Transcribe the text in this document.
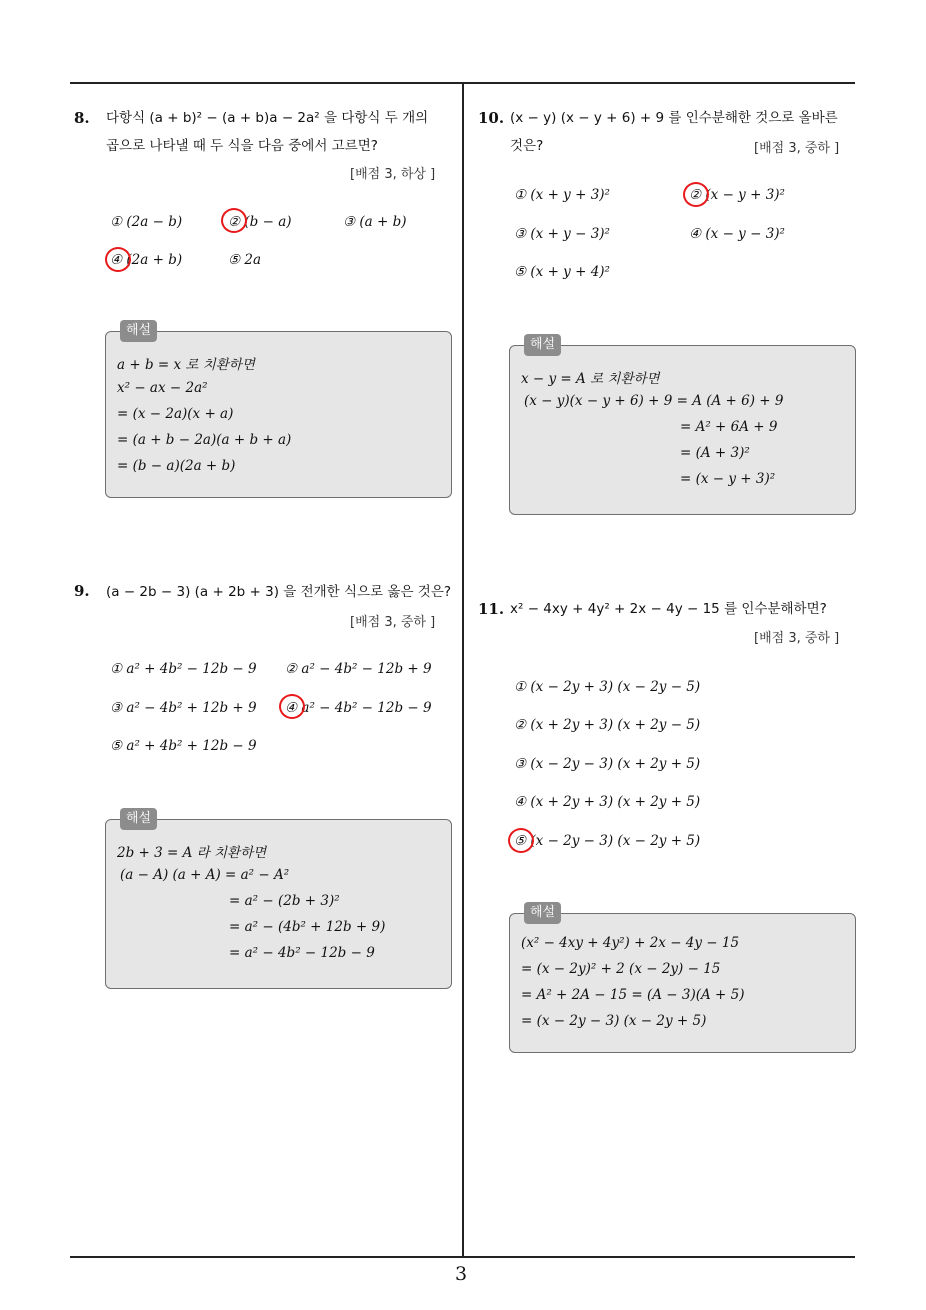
3
8. 다항식 (a + b)² − (a + b)a − 2a² 을 다항식 두 개의
곱으로 나타낼 때 두 식을 다음 중에서 고르면?
[배점 3, 하상 ]
① (2a − b)	② (b − a)	③ (a + b)
④ (2a + b)	⑤ 2a
해설
a + b = x 로 치환하면
x² − ax − 2a²
= (x − 2a)(x + a)
= (a + b − 2a)(a + b + a)
= (b − a)(2a + b)
9. (a − 2b − 3) (a + 2b + 3) 을 전개한 식으로 옳은 것은?
[배점 3, 중하 ]
① a² + 4b² − 12b − 9 ② a² − 4b² − 12b + 9
③ a² − 4b² + 12b + 9 ④ a² − 4b² − 12b − 9
⑤ a² + 4b² + 12b − 9
해설
2b + 3 = A 라 치환하면
(a − A) (a + A) = a² − A²
= a² − (2b + 3)²
= a² − (4b² + 12b + 9)
= a² − 4b² − 12b − 9
10. (x − y) (x − y + 6) + 9 를 인수분해한 것으로 올바른
것은?	[배점 3, 중하 ]
① (x + y + 3)²	② (x − y + 3)²
③ (x + y − 3)²	④ (x − y − 3)²
⑤ (x + y + 4)²
해설
x − y = A 로 치환하면
(x − y)(x − y + 6) + 9 = A (A + 6) + 9
= A² + 6A + 9
= (A + 3)²
= (x − y + 3)²
11. x² − 4xy + 4y² + 2x − 4y − 15 를 인수분해하면?
[배점 3, 중하 ]
① (x − 2y + 3) (x − 2y − 5)
② (x + 2y + 3) (x + 2y − 5)
③ (x − 2y − 3) (x + 2y + 5)
④ (x + 2y + 3) (x + 2y + 5)
⑤ (x − 2y − 3) (x − 2y + 5)
해설
(x² − 4xy + 4y²) + 2x − 4y − 15
= (x − 2y)² + 2 (x − 2y) − 15
= A² + 2A − 15 = (A − 3)(A + 5)
= (x − 2y − 3) (x − 2y + 5)
